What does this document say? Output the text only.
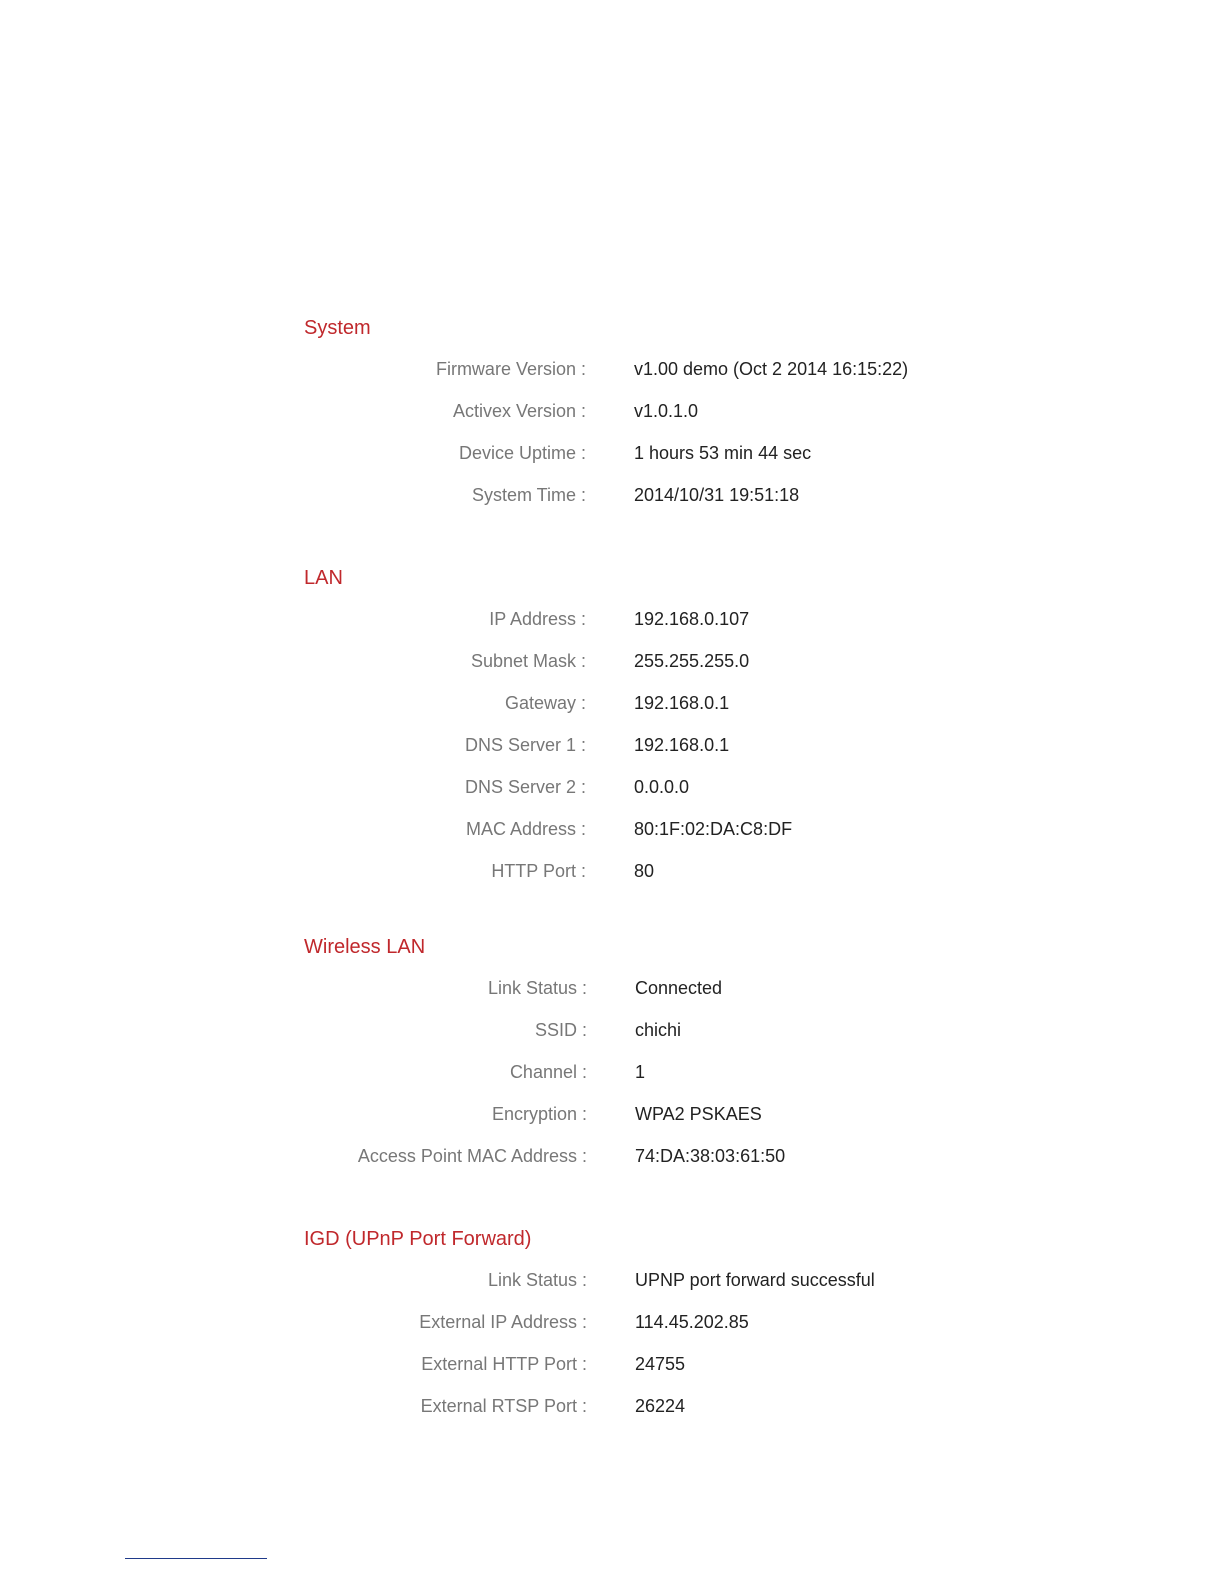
System
Firmware Version :	v1.00 demo (Oct 2 2014 16:15:22)
Activex Version :	v1.0.1.0
Device Uptime :	1 hours 53 min 44 sec
System Time :	2014/10/31 19:51:18
LAN
IP Address :	192.168.0.107
Subnet Mask :	255.255.255.0
Gateway :	192.168.0.1
DNS Server 1 :	192.168.0.1
DNS Server 2 :	0.0.0.0
MAC Address :	80:1F:02:DA:C8:DF
HTTP Port :	80
Wireless LAN
Link Status :	Connected
SSID :	chichi
Channel :	1
Encryption :	WPA2 PSKAES
Access Point MAC Address :	74:DA:38:03:61:50
IGD (UPnP Port Forward)
Link Status :	UPNP port forward successful
External IP Address :	114.45.202.85
External HTTP Port :	24755
External RTSP Port :	26224
